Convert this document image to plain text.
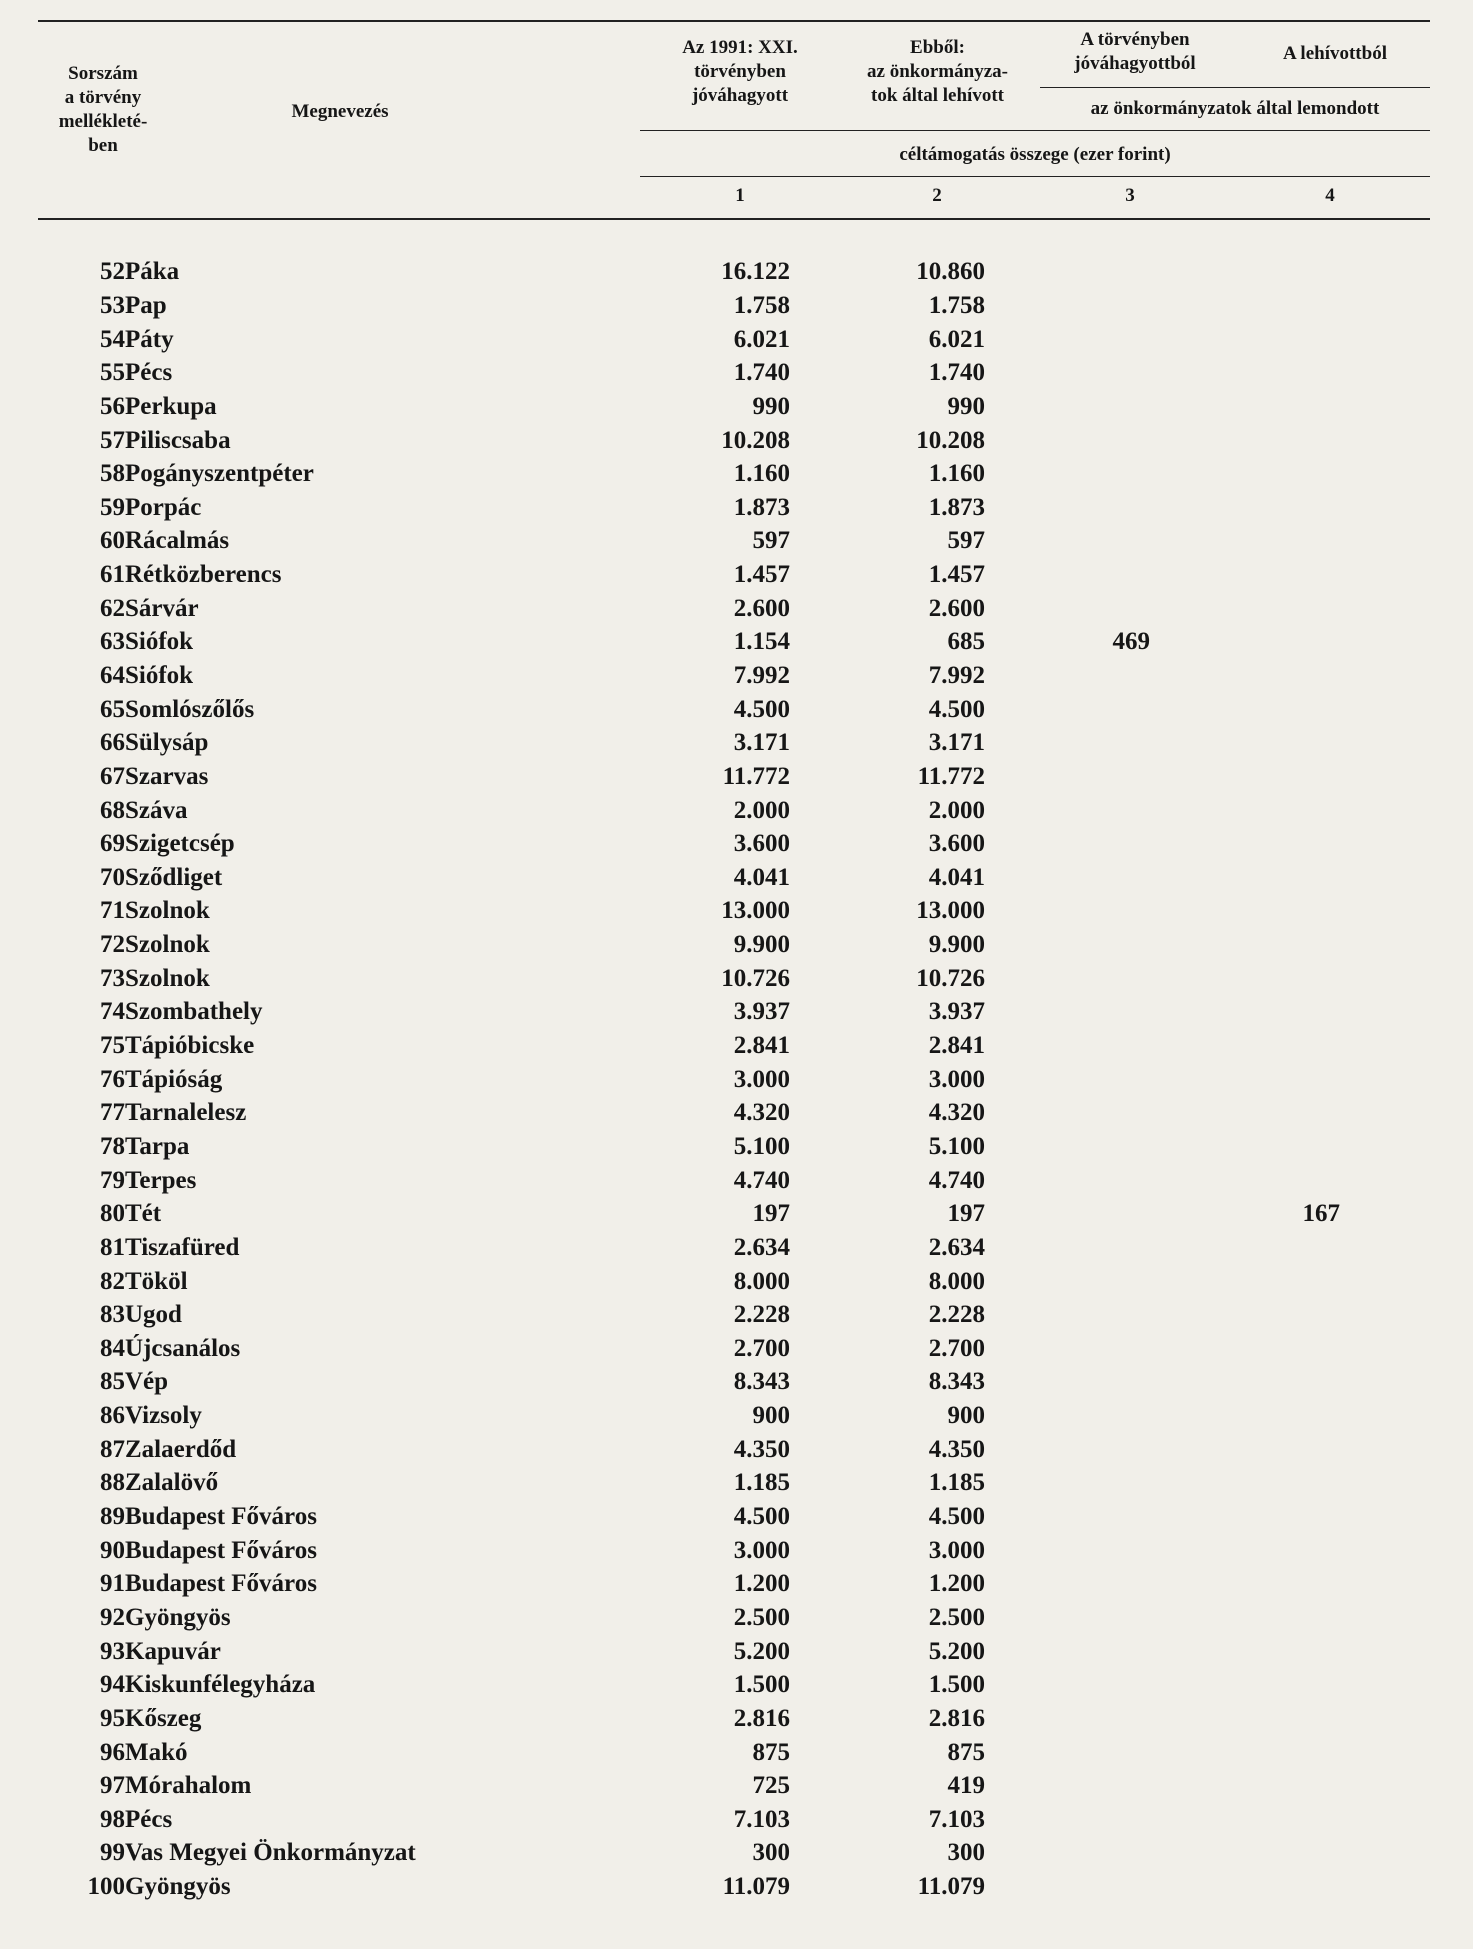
Sorszám
a törvény
mellékleté-
ben
Megnevezés
Az 1991: XXI.
törvényben
jóváhagyott
Ebből:
az önkormányza-
tok által lehívott
A törvényben
jóváhagyottból	A lehívottból
az önkormányzatok által lemondott
céltámogatás összege (ezer forint)
1	2	3	4
52	Páka	16.122	10.860			
53	Pap	1.758	1.758			
54	Páty	6.021	6.021			
55	Pécs	1.740	1.740			
56	Perkupa	990	990			
57	Piliscsaba	10.208	10.208			
58	Pogányszentpéter	1.160	1.160			
59	Porpác	1.873	1.873			
60	Rácalmás	597	597			
61	Rétközberencs	1.457	1.457			
62	Sárvár	2.600	2.600			
63	Siófok	1.154	685	469		
64	Siófok	7.992	7.992			
65	Somlószőlős	4.500	4.500			
66	Sülysáp	3.171	3.171			
67	Szarvas	11.772	11.772			
68	Száva	2.000	2.000			
69	Szigetcsép	3.600	3.600			
70	Sződliget	4.041	4.041			
71	Szolnok	13.000	13.000			
72	Szolnok	9.900	9.900			
73	Szolnok	10.726	10.726			
74	Szombathely	3.937	3.937			
75	Tápióbicske	2.841	2.841			
76	Tápióság	3.000	3.000			
77	Tarnalelesz	4.320	4.320			
78	Tarpa	5.100	5.100			
79	Terpes	4.740	4.740			
80	Tét	197	197		167	
81	Tiszafüred	2.634	2.634			
82	Tököl	8.000	8.000			
83	Ugod	2.228	2.228			
84	Újcsanálos	2.700	2.700			
85	Vép	8.343	8.343			
86	Vizsoly	900	900			
87	Zalaerdőd	4.350	4.350			
88	Zalalövő	1.185	1.185			
89	Budapest Főváros	4.500	4.500			
90	Budapest Főváros	3.000	3.000			
91	Budapest Főváros	1.200	1.200			
92	Gyöngyös	2.500	2.500			
93	Kapuvár	5.200	5.200			
94	Kiskunfélegyháza	1.500	1.500			
95	Kőszeg	2.816	2.816			
96	Makó	875	875			
97	Mórahalom	725	419			
98	Pécs	7.103	7.103			
99	Vas Megyei Önkormányzat	300	300			
100	Gyöngyös	11.079	11.079			
